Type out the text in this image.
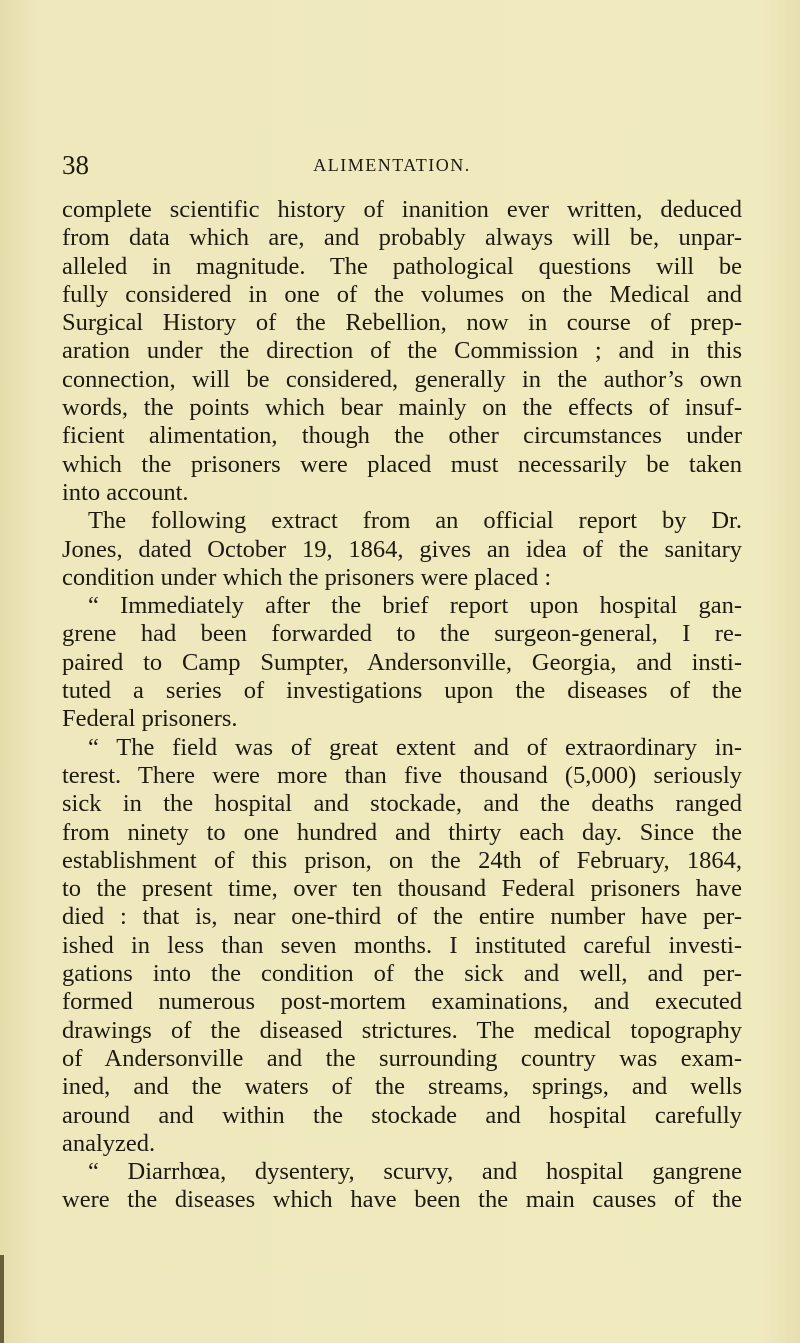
38	ALIMENTATION.
complete scientific history of inanition ever written, deduced
from data which are, and probably always will be, unpar-
alleled in magnitude. The pathological questions will be
fully considered in one of the volumes on the Medical and
Surgical History of the Rebellion, now in course of prep-
aration under the direction of the Commission ; and in this
connection, will be considered, generally in the author’s own
words, the points which bear mainly on the effects of insuf-
ficient alimentation, though the other circumstances under
which the prisoners were placed must necessarily be taken
into account.
The following extract from an official report by Dr.
Jones, dated October 19, 1864, gives an idea of the sanitary
condition under which the prisoners were placed :
“ Immediately after the brief report upon hospital gan-
grene had been forwarded to the surgeon-general, I re-
paired to Camp Sumpter, Andersonville, Georgia, and insti-
tuted a series of investigations upon the diseases of the
Federal prisoners.
“ The field was of great extent and of extraordinary in-
terest. There were more than five thousand (5,000) seriously
sick in the hospital and stockade, and the deaths ranged
from ninety to one hundred and thirty each day. Since the
establishment of this prison, on the 24th of February, 1864,
to the present time, over ten thousand Federal prisoners have
died : that is, near one-third of the entire number have per-
ished in less than seven months. I instituted careful investi-
gations into the condition of the sick and well, and per-
formed numerous post-mortem examinations, and executed
drawings of the diseased strictures. The medical topography
of Andersonville and the surrounding country was exam-
ined, and the waters of the streams, springs, and wells
around and within the stockade and hospital carefully
analyzed.
“ Diarrhœa, dysentery, scurvy, and hospital gangrene
were the diseases which have been the main causes of the
